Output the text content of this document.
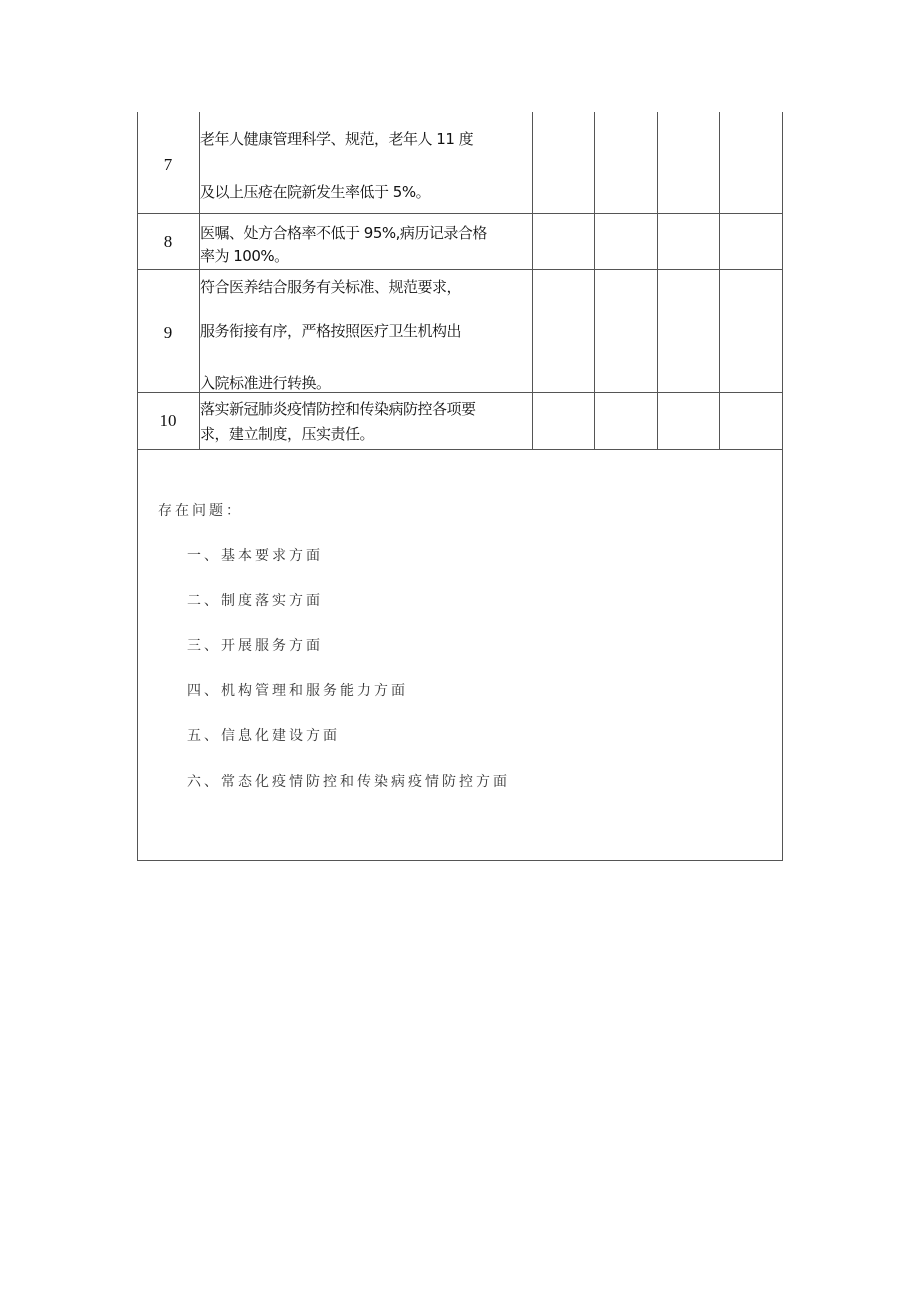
7
老年人健康管理科学、规范，老年人 11 度
及以上压疮在院新发生率低于 5%。
8	医嘱、处方合格率不低于 95%,病历记录合格
率为 100%。
9
符合医养结合服务有关标准、规范要求，
服务衔接有序，严格按照医疗卫生机构出
入院标准进行转换。
10
落实新冠肺炎疫情防控和传染病防控各项要
求，建立制度，压实责任。
存在问题：
一、基本要求方面
二、制度落实方面
三、开展服务方面
四、机构管理和服务能力方面
五、信息化建设方面
六、常态化疫情防控和传染病疫情防控方面
